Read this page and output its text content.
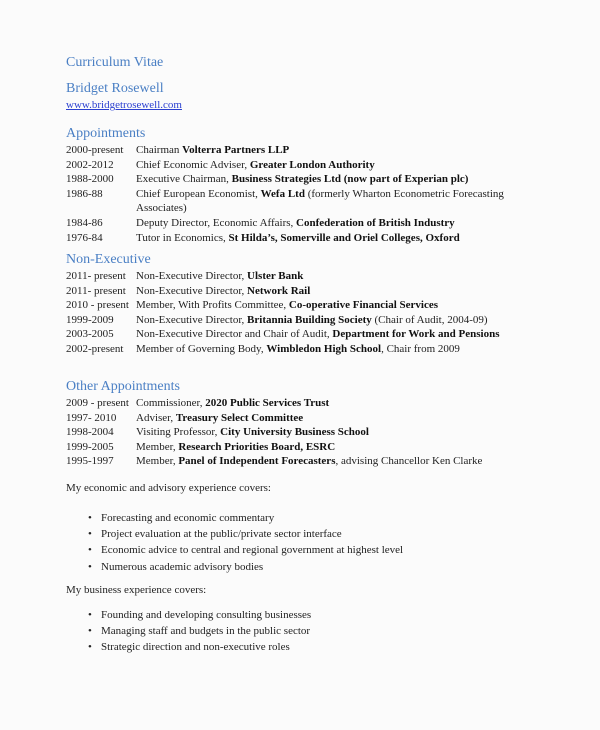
Curriculum Vitae
Bridget Rosewell
www.bridgetrosewell.com
Appointments
2000-present	Chairman Volterra Partners LLP
2002-2012	Chief Economic Adviser, Greater London Authority
1988-2000	Executive Chairman, Business Strategies Ltd (now part of Experian plc)
1986-88	Chief European Economist, Wefa Ltd (formerly Wharton Econometric Forecasting Associates)
1984-86	Deputy Director, Economic Affairs, Confederation of British Industry
1976-84	Tutor in Economics, St Hilda’s, Somerville and Oriel Colleges, Oxford
Non-Executive
2011- present Non-Executive Director, Ulster Bank
2011- present Non-Executive Director, Network Rail
2010 - present Member, With Profits Committee, Co-operative Financial Services
1999-2009	Non-Executive Director, Britannia Building Society (Chair of Audit, 2004-09)
2003-2005	Non-Executive Director and Chair of Audit, Department for Work and Pensions
2002-present	Member of Governing Body, Wimbledon High School, Chair from 2009
Other Appointments
2009 - present Commissioner, 2020 Public Services Trust
1997- 2010	Adviser, Treasury Select Committee
1998-2004	Visiting Professor, City University Business School
1999-2005	Member, Research Priorities Board, ESRC
1995-1997	Member, Panel of Independent Forecasters, advising Chancellor Ken Clarke
My economic and advisory experience covers:
• Forecasting and economic commentary
• Project evaluation at the public/private sector interface
• Economic advice to central and regional government at highest level
• Numerous academic advisory bodies
My business experience covers:
• Founding and developing consulting businesses
• Managing staff and budgets in the public sector
• Strategic direction and non-executive roles
